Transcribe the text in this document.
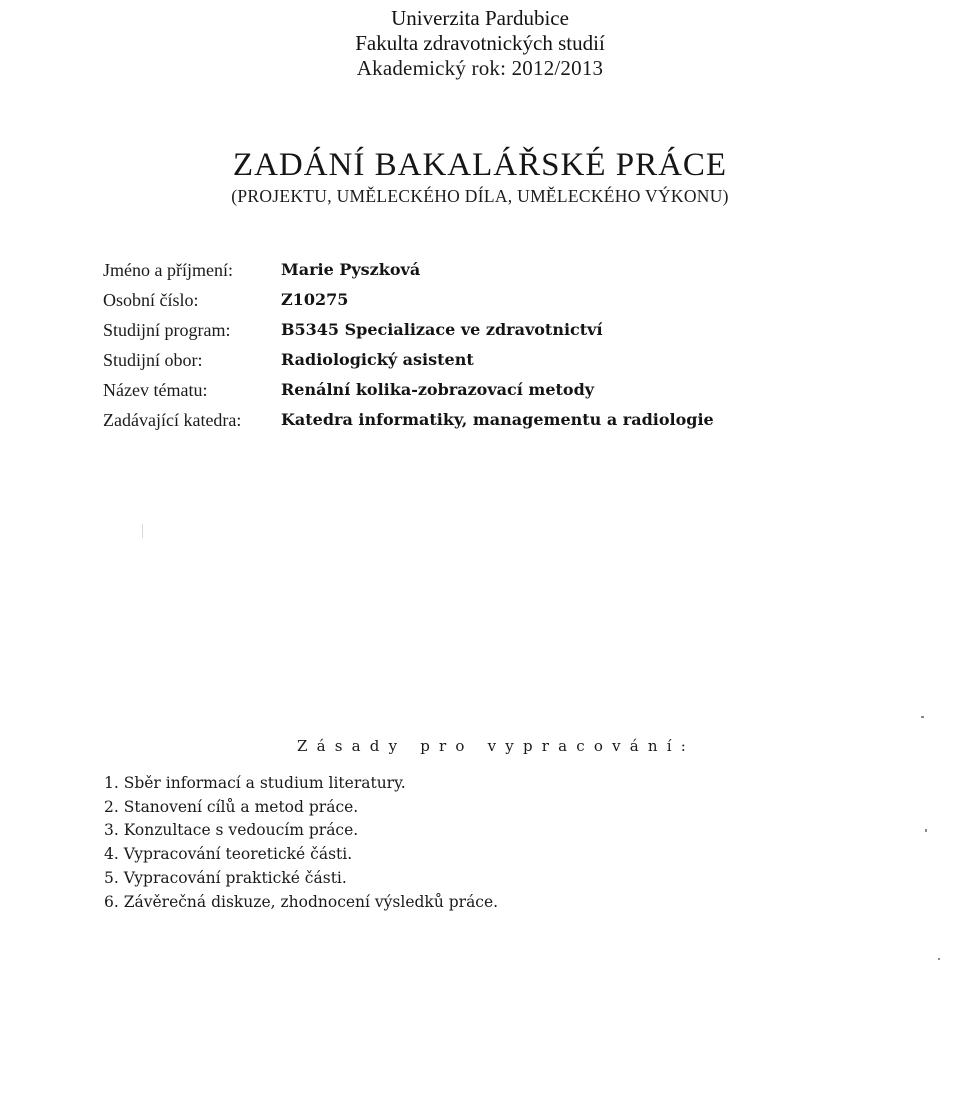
Univerzita Pardubice
Fakulta zdravotnických studií
Akademický rok: 2012/2013
ZADÁNÍ BAKALÁŘSKÉ PRÁCE
(PROJEKTU, UMĚLECKÉHO DÍLA, UMĚLECKÉHO VÝKONU)
Jméno a příjmení:	Marie Pyszková
Osobní číslo:	Z10275
Studijní program:	B5345 Specializace ve zdravotnictví
Studijní obor:	Radiologický asistent
Název tématu:	Renální kolika-zobrazovací metody
Zadávající katedra: Katedra informatiky, managementu a radiologie
Zásady pro vypracování:
1. Sběr informací a studium literatury.
2. Stanovení cílů a metod práce.
3. Konzultace s vedoucím práce.
4. Vypracování teoretické části.
5. Vypracování praktické části.
6. Závěrečná diskuze, zhodnocení výsledků práce.
